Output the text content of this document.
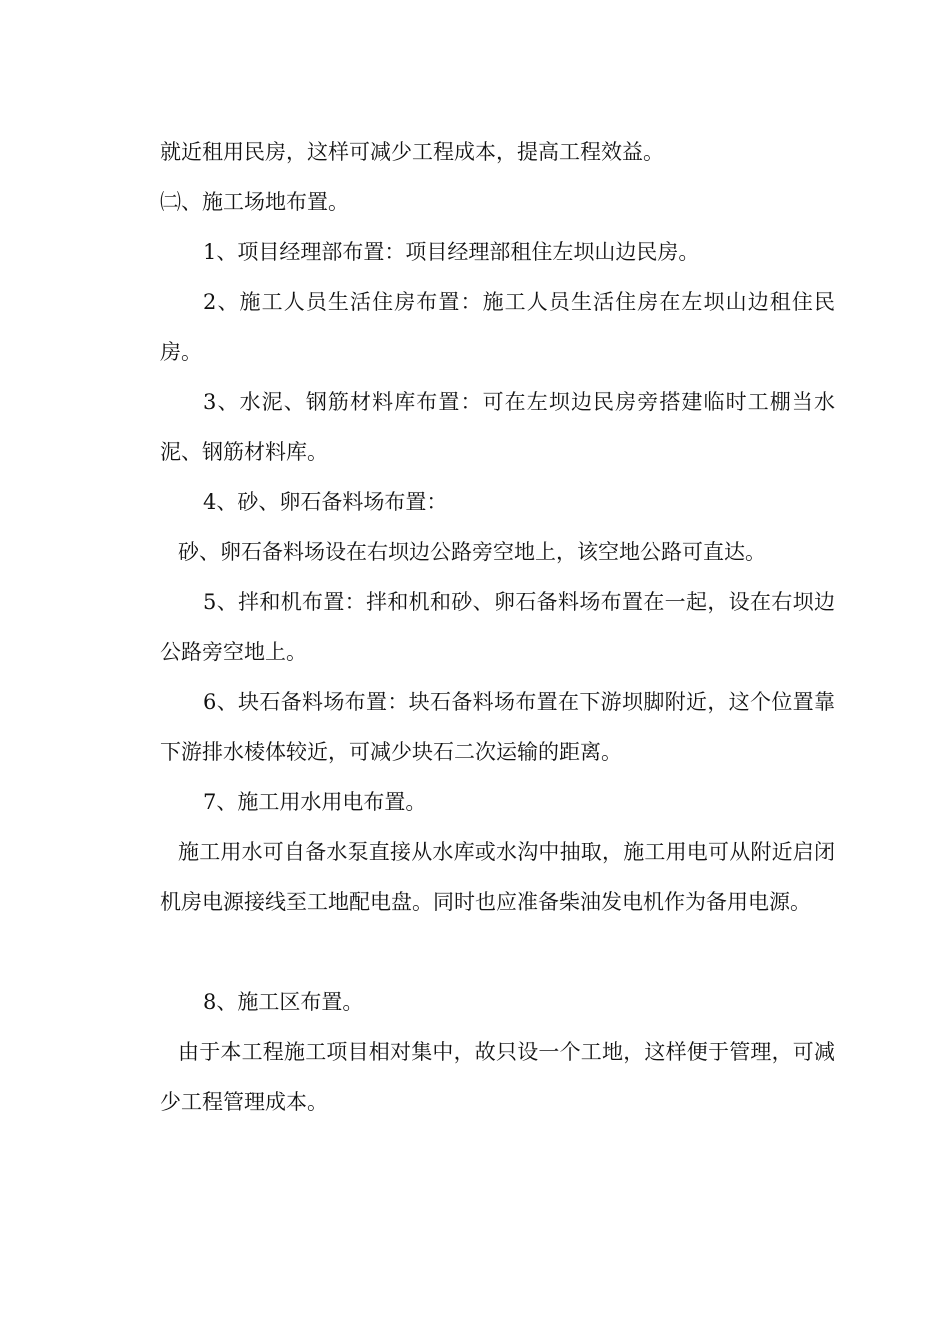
就近租用民房，这样可减少工程成本，提高工程效益。

㈡、施工场地布置。

1、项目经理部布置：项目经理部租住左坝山边民房。

2、施工人员生活住房布置：施工人员生活住房在左坝山边租住民房。

3、水泥、钢筋材料库布置：可在左坝边民房旁搭建临时工棚当水泥、钢筋材料库。

4、砂、卵石备料场布置：

砂、卵石备料场设在右坝边公路旁空地上，该空地公路可直达。

5、拌和机布置：拌和机和砂、卵石备料场布置在一起，设在右坝边公路旁空地上。

6、块石备料场布置：块石备料场布置在下游坝脚附近，这个位置靠下游排水棱体较近，可减少块石二次运输的距离。

7、施工用水用电布置。

施工用水可自备水泵直接从水库或水沟中抽取，施工用电可从附近启闭机房电源接线至工地配电盘。同时也应准备柴油发电机作为备用电源。

8、施工区布置。

由于本工程施工项目相对集中，故只设一个工地，这样便于管理，可减少工程管理成本。
